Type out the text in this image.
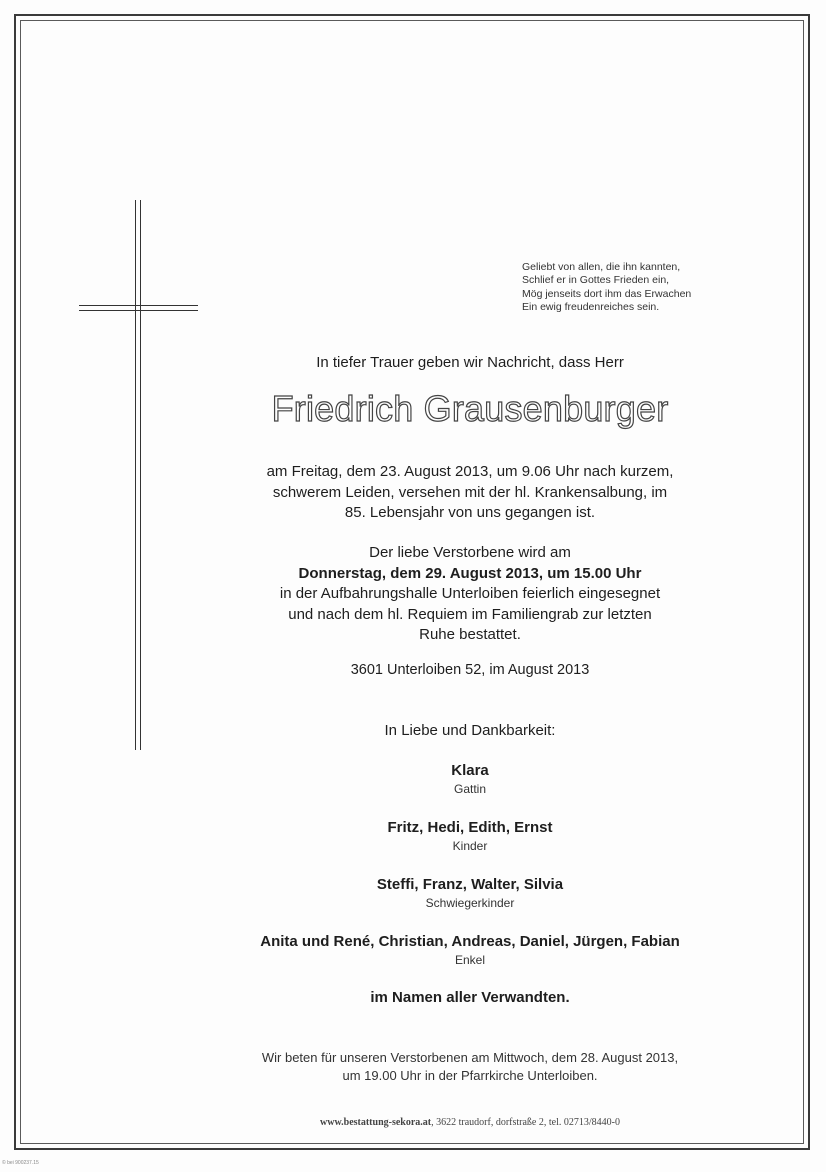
Geliebt von allen, die ihn kannten,
Schlief er in Gottes Frieden ein,
Mög jenseits dort ihm das Erwachen
Ein ewig freudenreiches sein.
In tiefer Trauer geben wir Nachricht, dass Herr
Friedrich Grausenburger
am Freitag, dem 23. August 2013, um 9.06 Uhr nach kurzem,
schwerem Leiden, versehen mit der hl. Krankensalbung, im
85. Lebensjahr von uns gegangen ist.
Der liebe Verstorbene wird am
Donnerstag, dem 29. August 2013, um 15.00 Uhr
in der Aufbahrungshalle Unterloiben feierlich eingesegnet
und nach dem hl. Requiem im Familiengrab zur letzten
Ruhe bestattet.
3601 Unterloiben 52, im August 2013
In Liebe und Dankbarkeit:
Klara
Gattin
Fritz, Hedi, Edith, Ernst
Kinder
Steffi, Franz, Walter, Silvia
Schwiegerkinder
Anita und René, Christian, Andreas, Daniel, Jürgen, Fabian
Enkel
im Namen aller Verwandten.
Wir beten für unseren Verstorbenen am Mittwoch, dem 28. August 2013,
um 19.00 Uhr in der Pfarrkirche Unterloiben.
www.bestattung-sekora.at, 3622 traudorf, dorfstraße 2, tel. 02713/8440-0
© bei 900237.15
